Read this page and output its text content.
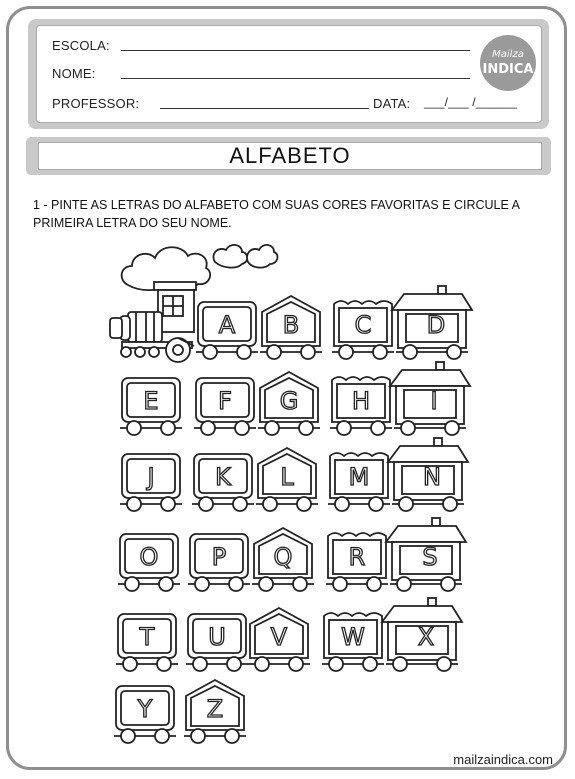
ESCOLA:
NOME:
PROFESSOR:	DATA: ___/___ /______
Mailza
INDICA
ALFABETO
1 - PINTE AS LETRAS DO ALFABETO COM SUAS CORES FAVORITAS E CIRCULE A PRIMEIRA LETRA DO SEU NOME.
A B C D
E F G H	I
J	K L M N
O P Q R S
T U V W X
Y Z
mailzaindica.com
